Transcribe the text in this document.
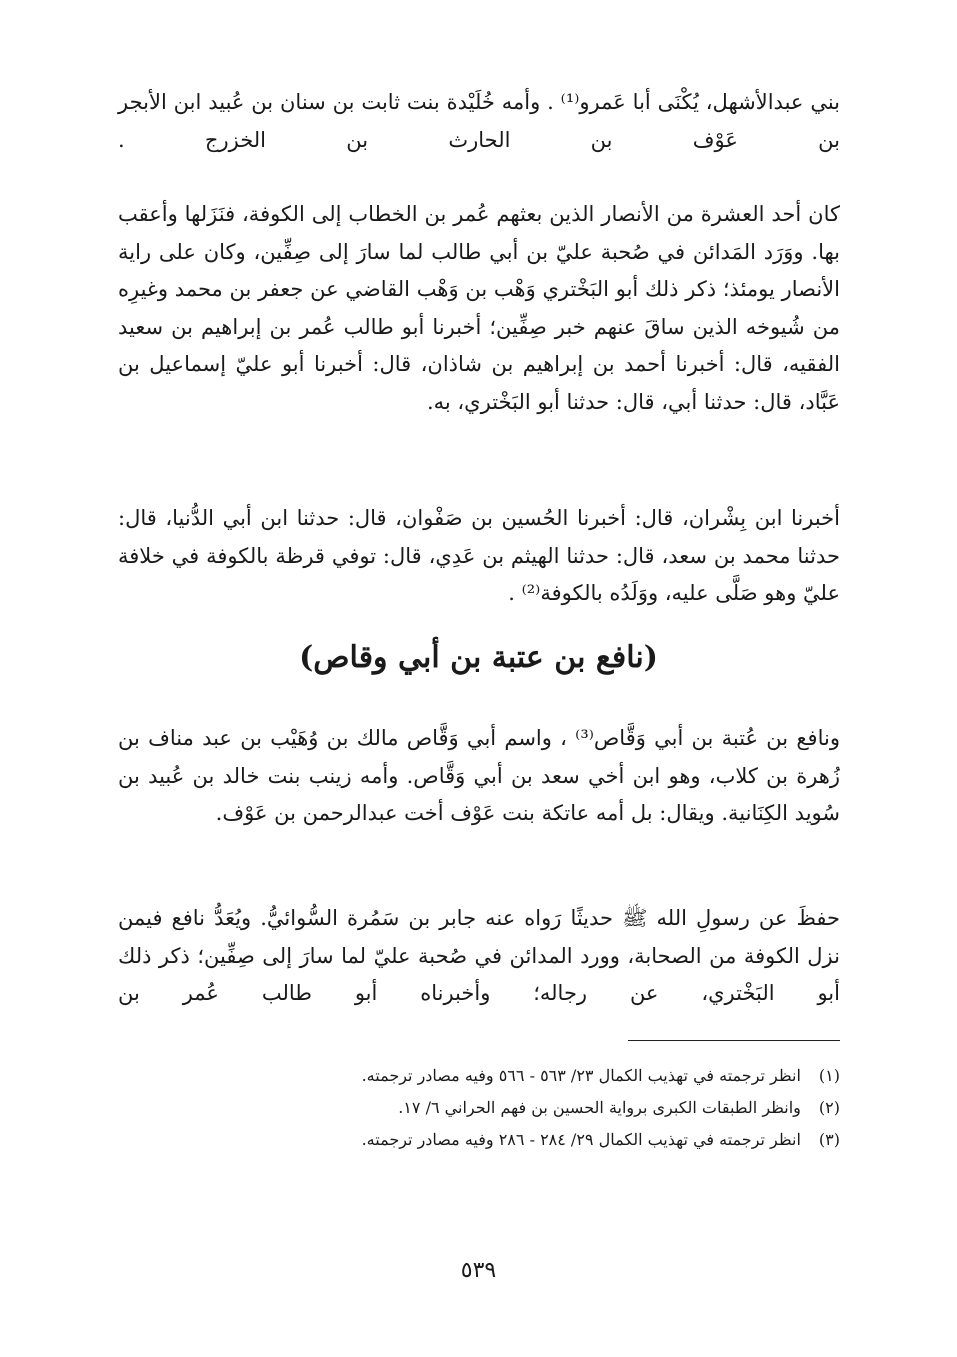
بني عبدالأشهل، يُكْنَى أبا عَمرو⁽¹⁾ . وأمه خُلَيْدة بنت ثابت بن سنان بن عُبيد ابن الأبجر بن عَوْف بن الحارث بن الخزرج .

كان أحد العشرة من الأنصار الذين بعثهم عُمر بن الخطاب إلى الكوفة، فنَزَلها وأعقب بها. ووَرَد المَدائن في صُحبة عليّ بن أبي طالب لما سارَ إلى صِفِّين، وكان على راية الأنصار يومئذ؛ ذكر ذلك أبو البَخْتري وَهْب بن وَهْب القاضي عن جعفر بن محمد وغيرِه من شُيوخه الذين ساقَ عنهم خبر صِفِّين؛ أخبرنا أبو طالب عُمر بن إبراهيم بن سعيد الفقيه، قال: أخبرنا أحمد بن إبراهيم بن شاذان، قال: أخبرنا أبو عليّ إسماعيل بن عَبَّاد، قال: حدثنا أبي، قال: حدثنا أبو البَخْتري، به.

أخبرنا ابن بِشْران، قال: أخبرنا الحُسين بن صَفْوان، قال: حدثنا ابن أبي الدُّنيا، قال: حدثنا محمد بن سعد، قال: حدثنا الهيثم بن عَدِي، قال: توفي قرظة بالكوفة في خلافة عليّ وهو صَلَّى عليه، ووَلَدُه بالكوفة⁽²⁾ .

(نافع بن عتبة بن أبي وقاص)

ونافع بن عُتبة بن أبي وَقَّاص⁽³⁾ ، واسم أبي وَقَّاص مالك بن وُهَيْب بن عبد مناف بن زُهرة بن كلاب، وهو ابن أخي سعد بن أبي وَقَّاص. وأمه زينب بنت خالد بن عُبيد بن سُويد الكِنَانية. ويقال: بل أمه عاتكة بنت عَوْف أخت عبدالرحمن بن عَوْف.

حفظَ عن رسولِ الله ﷺ حديثًا رَواه عنه جابر بن سَمُرة السُّوائيُّ. ويُعَدُّ نافع فيمن نزل الكوفة من الصحابة، وورد المدائن في صُحبة عليّ لما سارَ إلى صِفِّين؛ ذكر ذلك أبو البَخْتري، عن رجاله؛ وأخبرناه أبو طالب عُمر بن

(١)انظر ترجمته في تهذيب الكمال ٢٣/ ٥٦٣ - ٥٦٦ وفيه مصادر ترجمته.
(٢)وانظر الطبقات الكبرى برواية الحسين بن فهم الحراني ٦/ ١٧.
(٣)انظر ترجمته في تهذيب الكمال ٢٩/ ٢٨٤ - ٢٨٦ وفيه مصادر ترجمته.
٥٣٩
